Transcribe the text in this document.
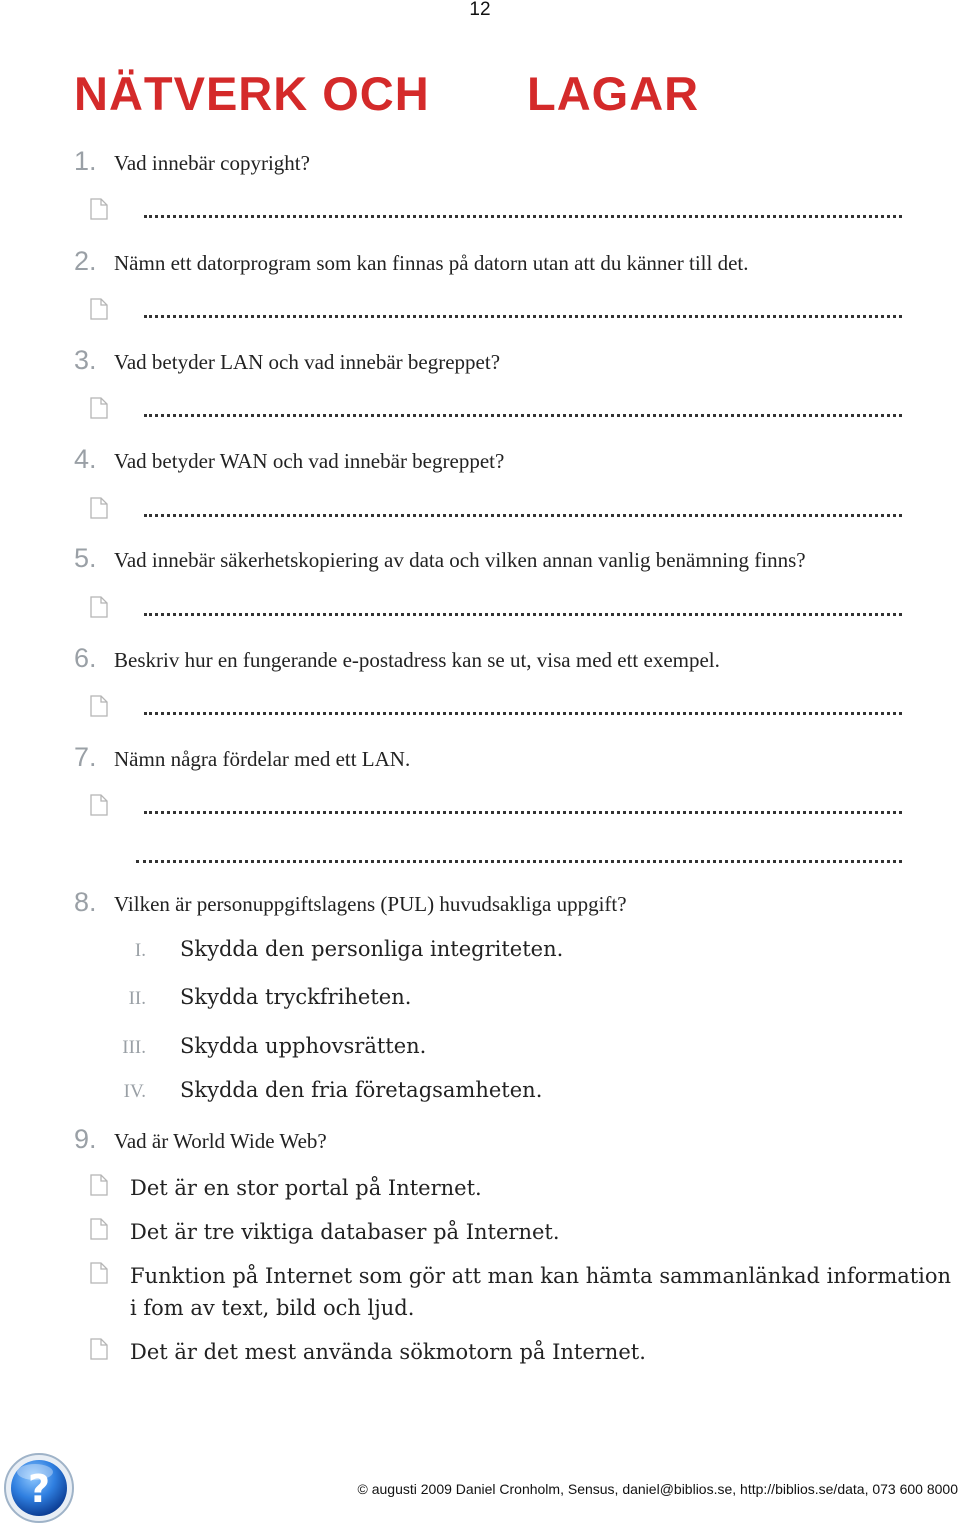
12
NÄTVERK OCH LAGAR
1. Vad innebär copyright?
2. Nämn ett datorprogram som kan finnas på datorn utan att du känner till det.
3. Vad betyder LAN och vad innebär begreppet?
4. Vad betyder WAN och vad innebär begreppet?
5. Vad innebär säkerhetskopiering av data och vilken annan vanlig benämning finns?
6. Beskriv hur en fungerande e-postadress kan se ut, visa med ett exempel.
7. Nämn några fördelar med ett LAN.
8. Vilken är personuppgiftslagens (PUL) huvudsakliga uppgift?
I. Skydda den personliga integriteten.
II. Skydda tryckfriheten.
III. Skydda upphovsrätten.
IV. Skydda den fria företagsamheten.
9. Vad är World Wide Web?
Det är en stor portal på Internet.
Det är tre viktiga databaser på Internet.
Funktion på Internet som gör att man kan hämta sammanlänkad information i fom av text, bild och ljud.
Det är det mest använda sökmotorn på Internet.
?	© augusti 2009 Daniel Cronholm, Sensus, daniel@biblios.se, http://biblios.se/data, 073 600 8000
